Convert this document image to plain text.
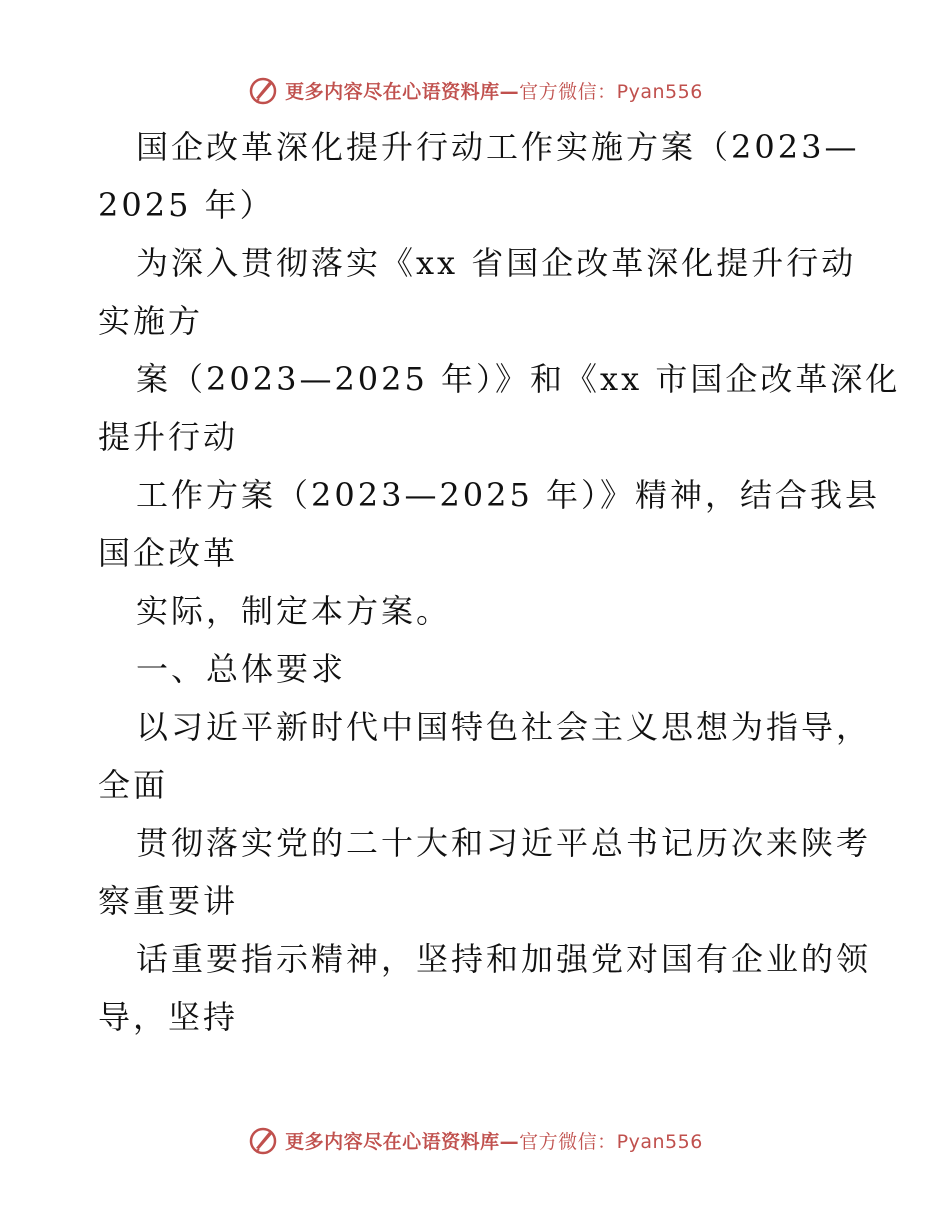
更多内容尽在心语资料库—官方微信：Pyan556
国企改革深化提升行动工作实施方案（2023—
2025 年）
为深入贯彻落实《xx 省国企改革深化提升行动
实施方
案（2023—2025 年）》和《xx 市国企改革深化
提升行动
工作方案（2023—2025 年）》精神，结合我县
国企改革
实际，制定本方案。
一、总体要求
以习近平新时代中国特色社会主义思想为指导，
全面
贯彻落实党的二十大和习近平总书记历次来陕考
察重要讲
话重要指示精神，坚持和加强党对国有企业的领
导，坚持
更多内容尽在心语资料库—官方微信：Pyan556
